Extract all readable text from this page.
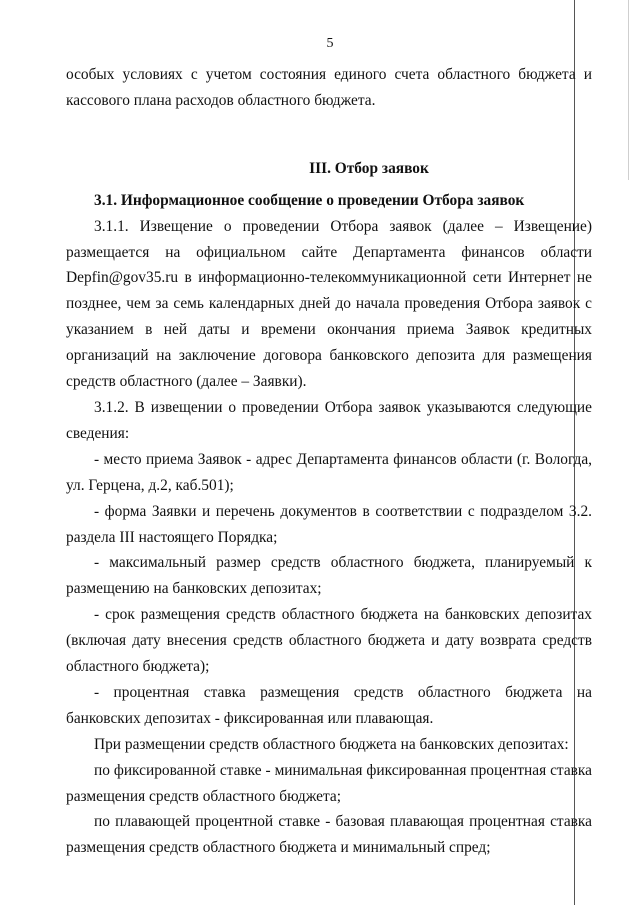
5

особых условиях с учетом состояния единого счета областного бюджета и кассового плана расходов областного бюджета.

III. Отбор заявок

3.1. Информационное сообщение о проведении Отбора заявок

3.1.1. Извещение о проведении Отбора заявок (далее – Извещение) размещается на официальном сайте Департамента финансов области Depfin@gov35.ru в информационно-телекоммуникационной сети Интернет не позднее, чем за семь календарных дней до начала проведения Отбора заявок с указанием в ней даты и времени окончания приема Заявок кредитных организаций на заключение договора банковского депозита для размещения средств областного (далее – Заявки).

3.1.2. В извещении о проведении Отбора заявок указываются следующие сведения:

- место приема Заявок - адрес Департамента финансов области (г. Вологда, ул. Герцена, д.2, каб.501);

- форма Заявки и перечень документов в соответствии с подразделом 3.2. раздела III настоящего Порядка;

- максимальный размер средств областного бюджета, планируемый к размещению на банковских депозитах;

- срок размещения средств областного бюджета на банковских депозитах (включая дату внесения средств областного бюджета и дату возврата средств областного бюджета);

- процентная ставка размещения средств областного бюджета на банковских депозитах - фиксированная или плавающая.

При размещении средств областного бюджета на банковских депозитах:

по фиксированной ставке - минимальная фиксированная процентная ставка размещения средств областного бюджета;

по плавающей процентной ставке - базовая плавающая процентная ставка размещения средств областного бюджета и минимальный спред;
